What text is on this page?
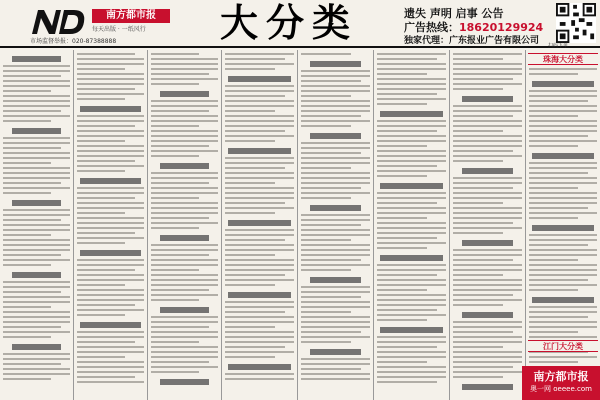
南方都市报
每天出版 · 一纸风行
市场监督举报：020-87388888	大分类	遗失 声明 启事 公告
广告热线：18620129924
独家代理：广东报业广告有限公司 扫码下单
珠海大分类
江门大分类
南方都市报
奥一网 oeeee.com
